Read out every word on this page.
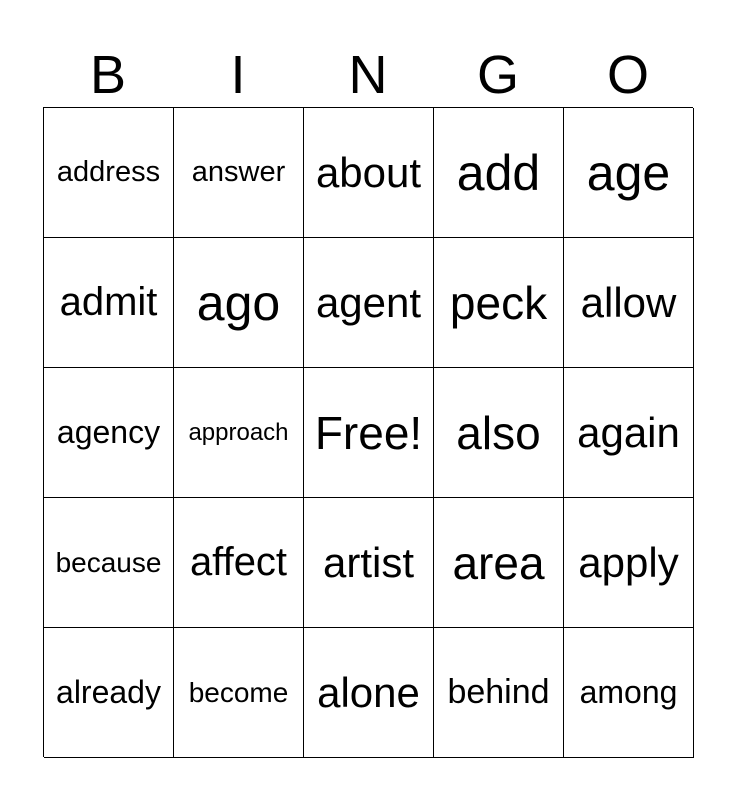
B	I	N	G	O
address	answer about add age
admit ago agent peck allow
agency	approach Free! also again
because affect artist area apply
already become alone behind among
